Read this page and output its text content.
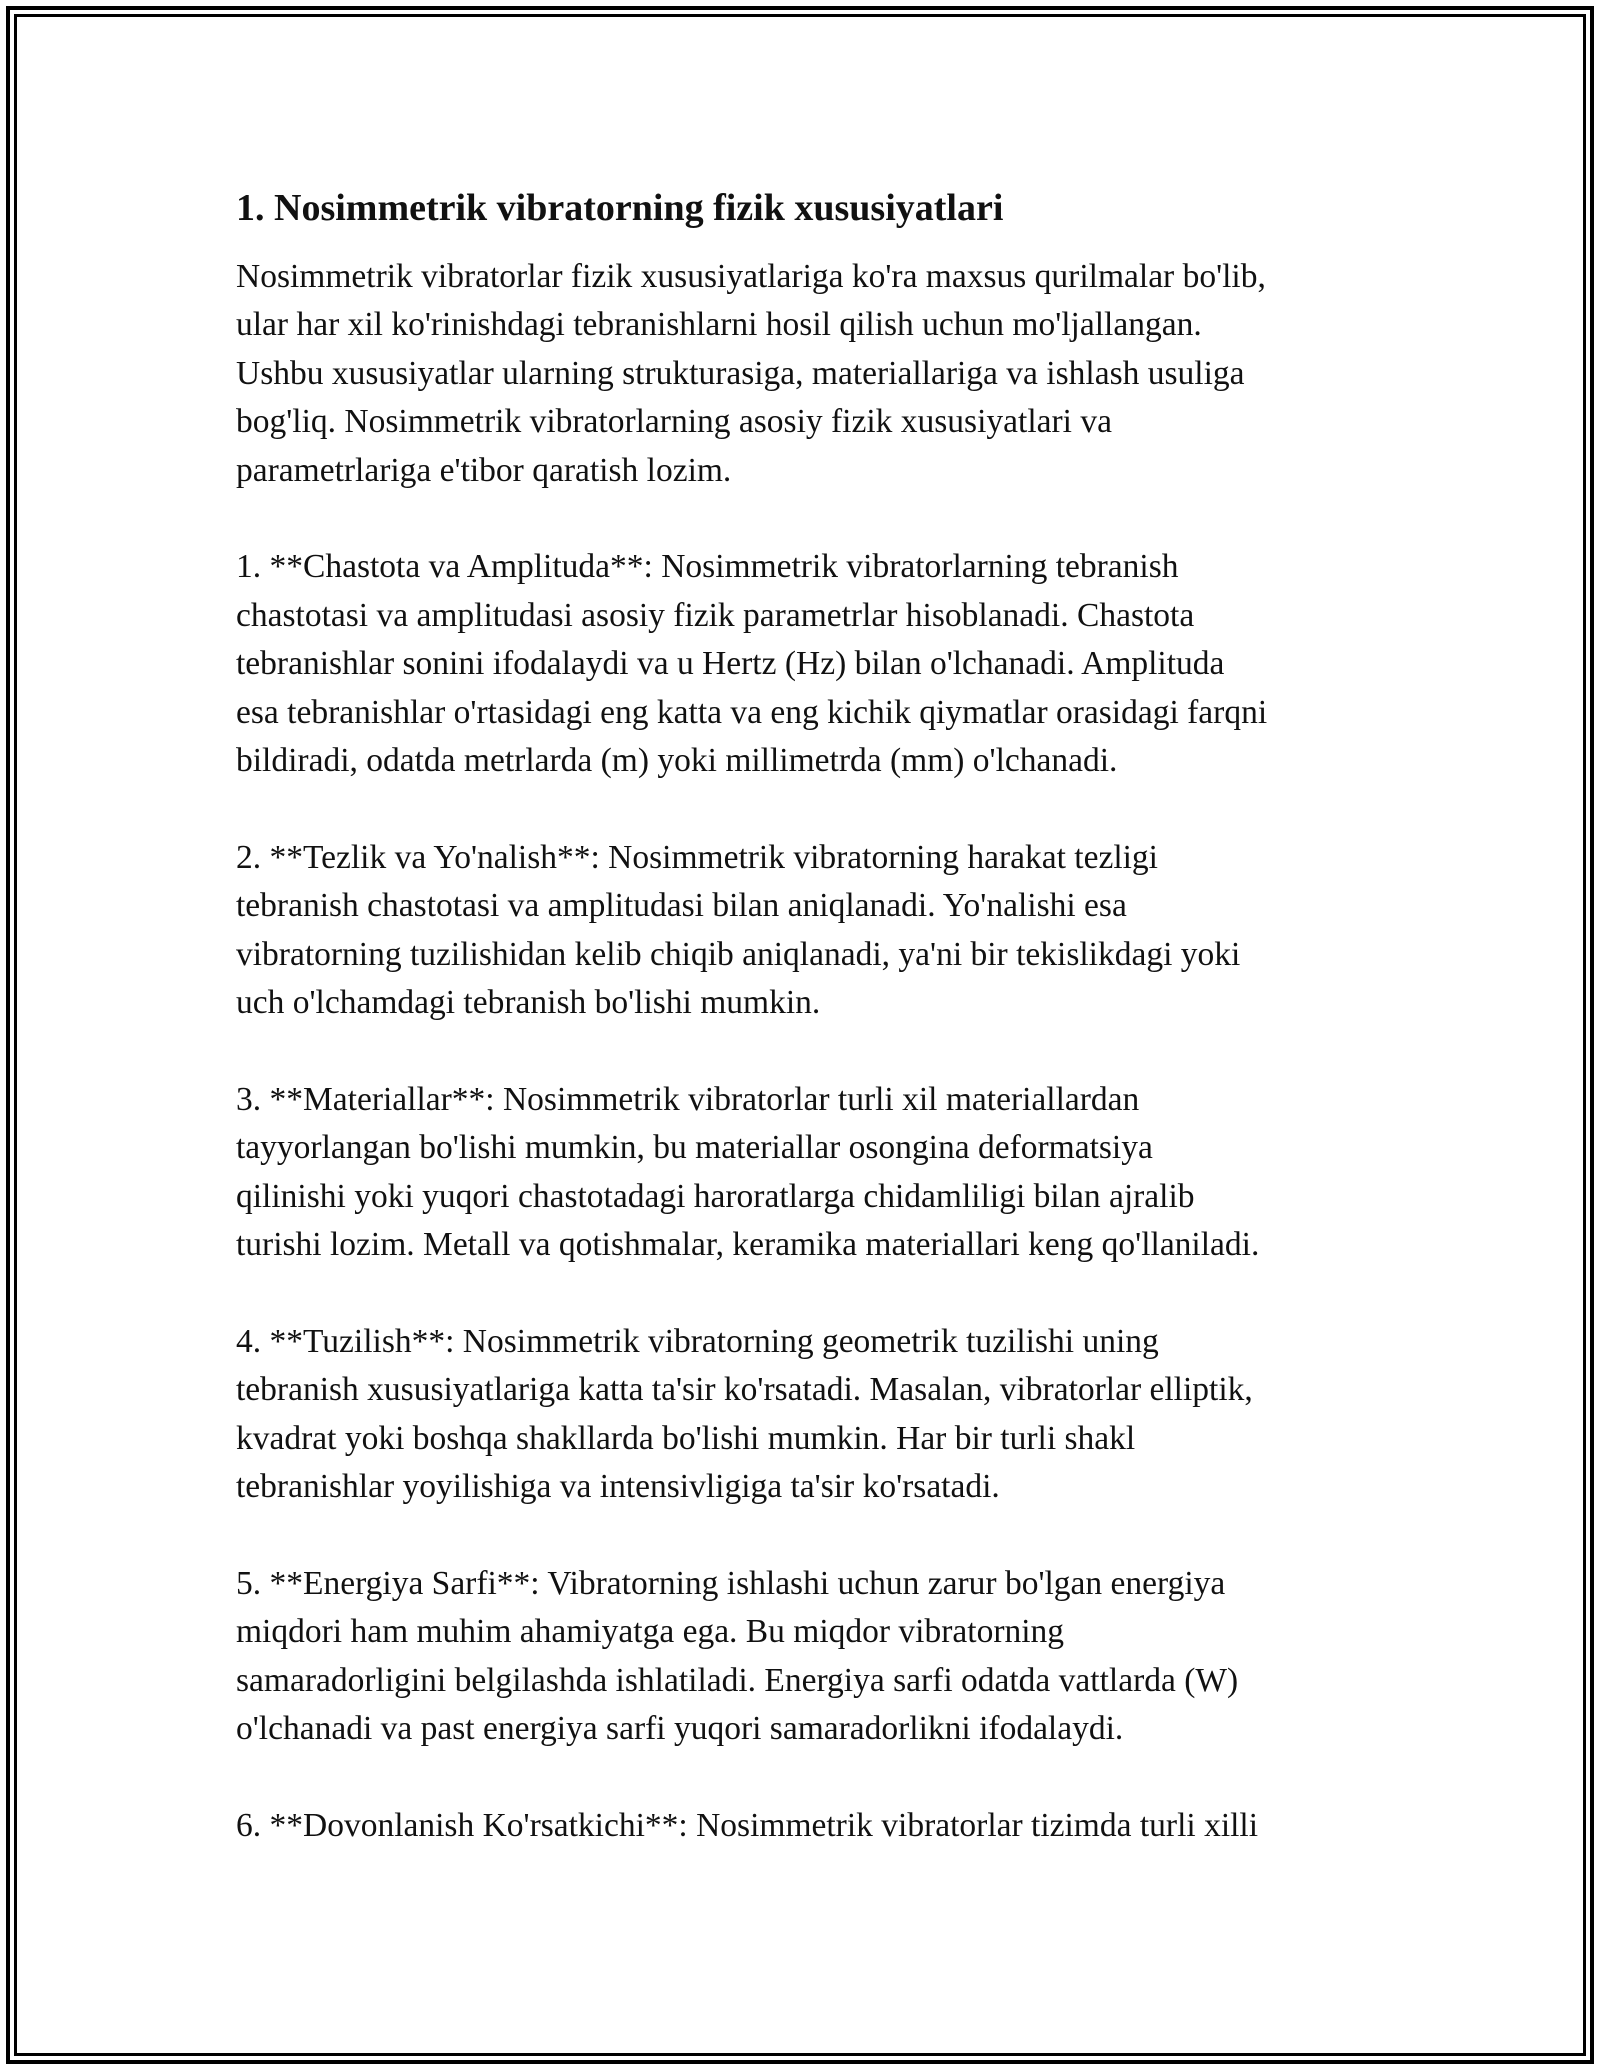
1. Nosimmetrik vibratorning fizik xususiyatlari
Nosimmetrik vibratorlar fizik xususiyatlariga ko'ra maxsus qurilmalar bo'lib,
ular har xil ko'rinishdagi tebranishlarni hosil qilish uchun mo'ljallangan.
Ushbu xususiyatlar ularning strukturasiga, materiallariga va ishlash usuliga
bog'liq. Nosimmetrik vibratorlarning asosiy fizik xususiyatlari va
parametrlariga e'tibor qaratish lozim.
1. **Chastota va Amplituda**: Nosimmetrik vibratorlarning tebranish
chastotasi va amplitudasi asosiy fizik parametrlar hisoblanadi. Chastota
tebranishlar sonini ifodalaydi va u Hertz (Hz) bilan o'lchanadi. Amplituda
esa tebranishlar o'rtasidagi eng katta va eng kichik qiymatlar orasidagi farqni
bildiradi, odatda metrlarda (m) yoki millimetrda (mm) o'lchanadi.
2. **Tezlik va Yo'nalish**: Nosimmetrik vibratorning harakat tezligi
tebranish chastotasi va amplitudasi bilan aniqlanadi. Yo'nalishi esa
vibratorning tuzilishidan kelib chiqib aniqlanadi, ya'ni bir tekislikdagi yoki
uch o'lchamdagi tebranish bo'lishi mumkin.
3. **Materiallar**: Nosimmetrik vibratorlar turli xil materiallardan
tayyorlangan bo'lishi mumkin, bu materiallar osongina deformatsiya
qilinishi yoki yuqori chastotadagi haroratlarga chidamliligi bilan ajralib
turishi lozim. Metall va qotishmalar, keramika materiallari keng qo'llaniladi.
4. **Tuzilish**: Nosimmetrik vibratorning geometrik tuzilishi uning
tebranish xususiyatlariga katta ta'sir ko'rsatadi. Masalan, vibratorlar elliptik,
kvadrat yoki boshqa shakllarda bo'lishi mumkin. Har bir turli shakl
tebranishlar yoyilishiga va intensivligiga ta'sir ko'rsatadi.
5. **Energiya Sarfi**: Vibratorning ishlashi uchun zarur bo'lgan energiya
miqdori ham muhim ahamiyatga ega. Bu miqdor vibratorning
samaradorligini belgilashda ishlatiladi. Energiya sarfi odatda vattlarda (W)
o'lchanadi va past energiya sarfi yuqori samaradorlikni ifodalaydi.
6. **Dovonlanish Ko'rsatkichi**: Nosimmetrik vibratorlar tizimda turli xilli
